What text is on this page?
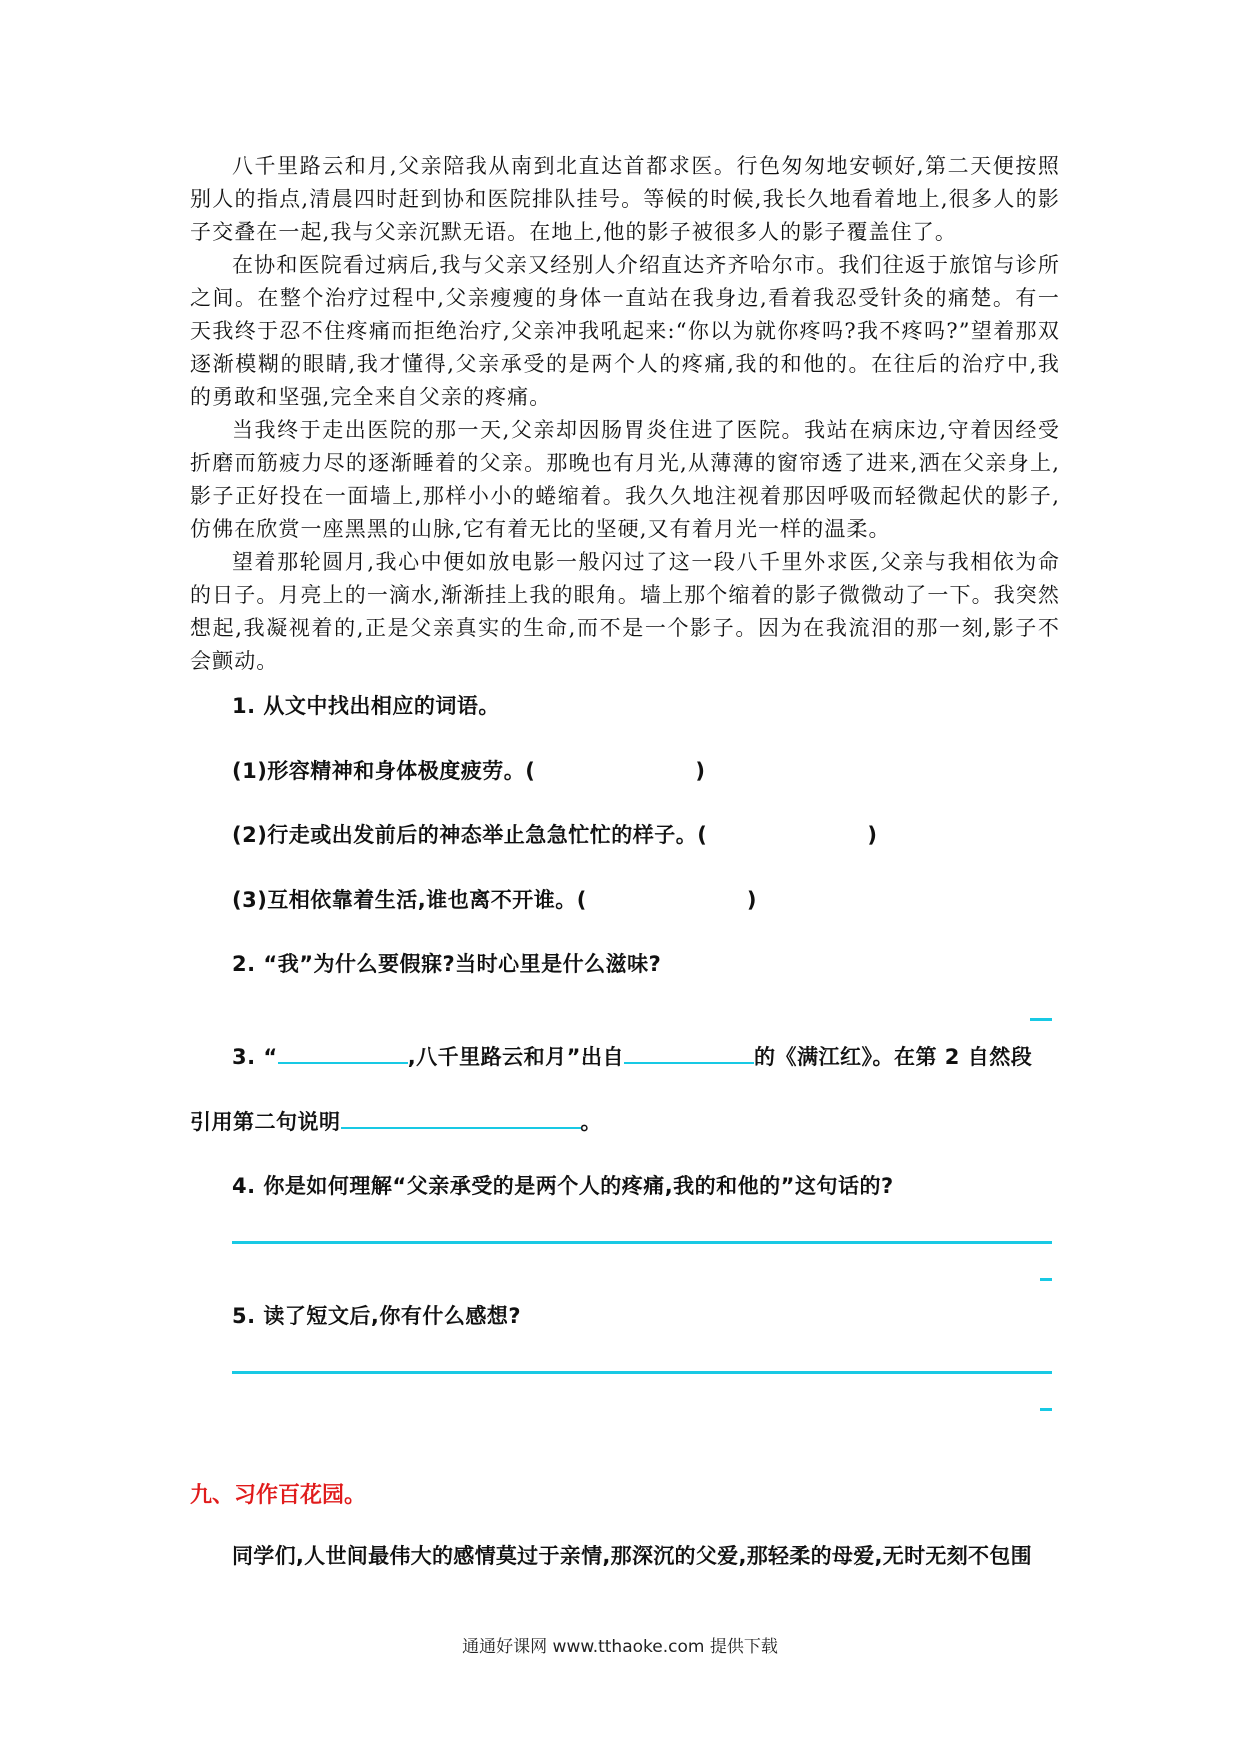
八千里路云和月,父亲陪我从南到北直达首都求医。行色匆匆地安顿好,第二天便按照别人的指点,清晨四时赶到协和医院排队挂号。等候的时候,我长久地看着地上,很多人的影子交叠在一起,我与父亲沉默无语。在地上,他的影子被很多人的影子覆盖住了。

在协和医院看过病后,我与父亲又经别人介绍直达齐齐哈尔市。我们往返于旅馆与诊所之间。在整个治疗过程中,父亲瘦瘦的身体一直站在我身边,看着我忍受针灸的痛楚。有一天我终于忍不住疼痛而拒绝治疗,父亲冲我吼起来:“你以为就你疼吗?我不疼吗?”望着那双逐渐模糊的眼睛,我才懂得,父亲承受的是两个人的疼痛,我的和他的。在往后的治疗中,我的勇敢和坚强,完全来自父亲的疼痛。

当我终于走出医院的那一天,父亲却因肠胃炎住进了医院。我站在病床边,守着因经受折磨而筋疲力尽的逐渐睡着的父亲。那晚也有月光,从薄薄的窗帘透了进来,洒在父亲身上,影子正好投在一面墙上,那样小小的蜷缩着。我久久地注视着那因呼吸而轻微起伏的影子,仿佛在欣赏一座黑黑的山脉,它有着无比的坚硬,又有着月光一样的温柔。

望着那轮圆月,我心中便如放电影一般闪过了这一段八千里外求医,父亲与我相依为命的日子。月亮上的一滴水,渐渐挂上我的眼角。墙上那个缩着的影子微微动了一下。我突然想起,我凝视着的,正是父亲真实的生命,而不是一个影子。因为在我流泪的那一刻,影子不会颤动。

1. 从文中找出相应的词语。
(1)形容精神和身体极度疲劳。(	)
(2)行走或出发前后的神态举止急急忙忙的样子。(	)
(3)互相依靠着生活,谁也离不开谁。(	)
2. “我”为什么要假寐?当时心里是什么滋味?
3. “	,八千里路云和月”出自	的《满江红》。在第 2 自然段
引用第二句说明	。
4. 你是如何理解“父亲承受的是两个人的疼痛,我的和他的”这句话的?
5. 读了短文后,你有什么感想?
九、习作百花园。
同学们,人世间最伟大的感情莫过于亲情,那深沉的父爱,那轻柔的母爱,无时无刻不包围
通通好课网 www.tthaoke.com 提供下载
